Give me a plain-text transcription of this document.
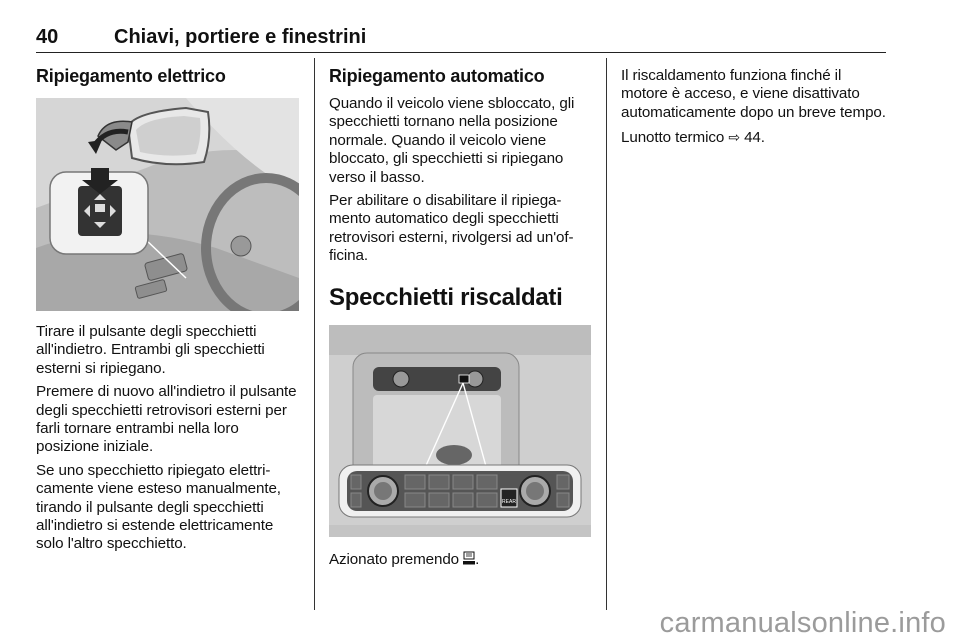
40	Chiavi, portiere e finestrini
Ripiegamento elettrico

Tirare il pulsante degli specchietti all'indietro. Entrambi gli specchietti esterni si ripiegano.

Premere di nuovo all'indietro il pulsante degli specchietti retrovisori esterni per farli tornare entrambi nella loro posizione iniziale.

Se uno specchietto ripiegato elettri-camente viene esteso manualmente, tirando il pulsante degli specchietti all'indietro si estende elettricamente solo l'altro specchietto.

Ripiegamento automatico

Quando il veicolo viene sbloccato, gli specchietti tornano nella posizione normale. Quando il veicolo viene bloccato, gli specchietti si ripiegano verso il basso.

Per abilitare o disabilitare il ripiega-mento automatico degli specchietti retrovisori esterni, rivolgersi ad un'of-ficina.

Specchietti riscaldati
REAR

Azionato premendo .

Il riscaldamento funziona finché il motore è acceso, e viene disattivato automaticamente dopo un breve tempo.

Lunotto termico ⇨ 44.

carmanualsonline.info
